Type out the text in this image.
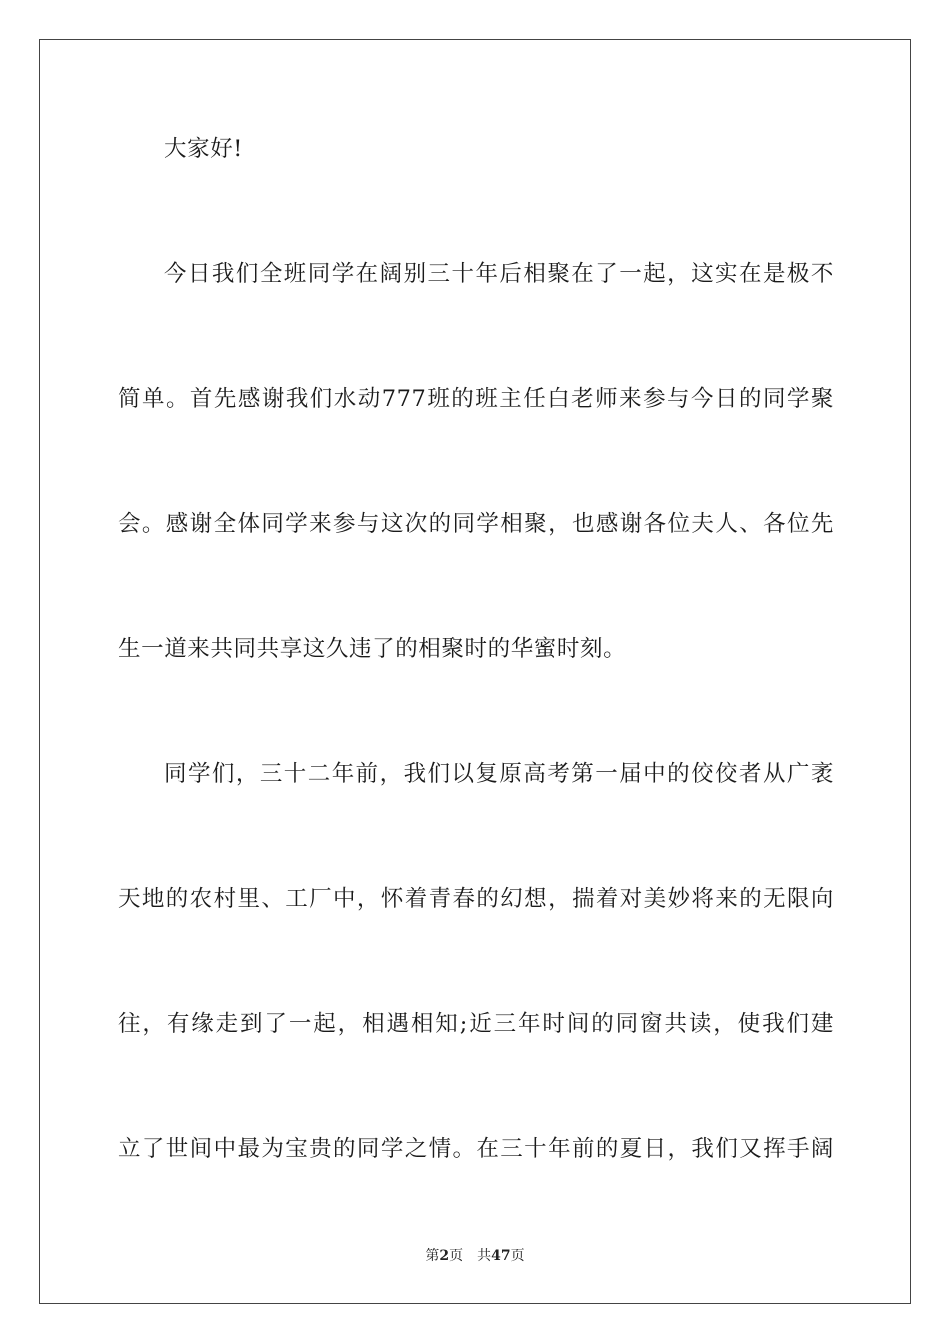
大家好!
今日我们全班同学在阔别三十年后相聚在了一起，这实在是极不
简单。首先感谢我们水动777班的班主任白老师来参与今日的同学聚
会。感谢全体同学来参与这次的同学相聚，也感谢各位夫人、各位先
生一道来共同共享这久违了的相聚时的华蜜时刻。
同学们，三十二年前，我们以复原高考第一届中的佼佼者从广袤
天地的农村里、工厂中，怀着青春的幻想，揣着对美妙将来的无限向
往，有缘走到了一起，相遇相知;近三年时间的同窗共读，使我们建
立了世间中最为宝贵的同学之情。在三十年前的夏日，我们又挥手阔
第2页 共47页
